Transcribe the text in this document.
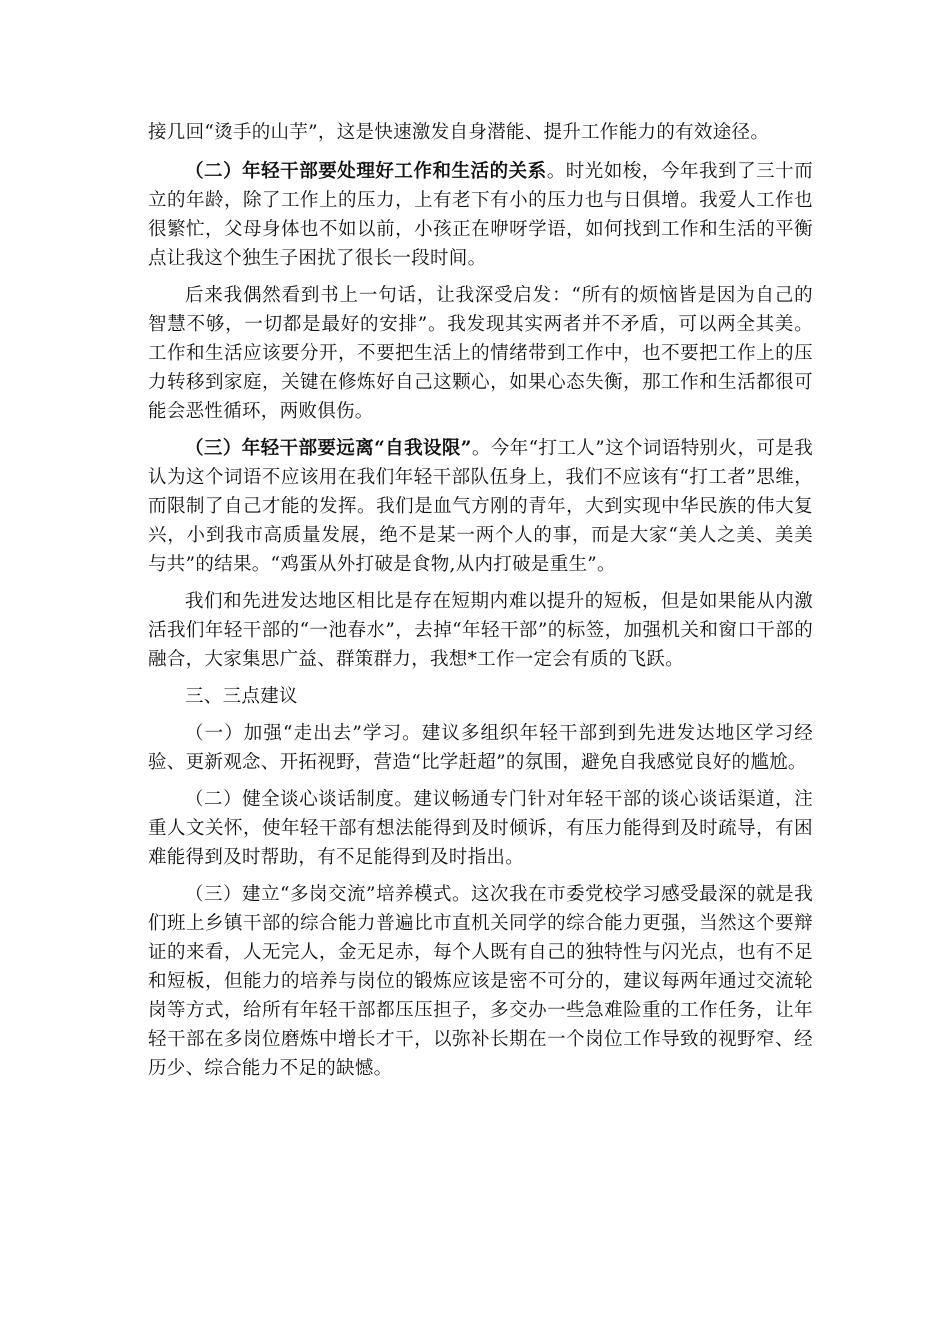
接几回“烫手的山芋”，这是快速激发自身潜能、提升工作能力的有效途径。

（二）年轻干部要处理好工作和生活的关系。时光如梭，今年我到了三十而立的年龄，除了工作上的压力，上有老下有小的压力也与日俱增。我爱人工作也很繁忙，父母身体也不如以前，小孩正在咿呀学语，如何找到工作和生活的平衡点让我这个独生子困扰了很长一段时间。

后来我偶然看到书上一句话，让我深受启发：“所有的烦恼皆是因为自己的智慧不够，一切都是最好的安排”。我发现其实两者并不矛盾，可以两全其美。工作和生活应该要分开，不要把生活上的情绪带到工作中，也不要把工作上的压力转移到家庭，关键在修炼好自己这颗心，如果心态失衡，那工作和生活都很可能会恶性循环，两败俱伤。

（三）年轻干部要远离“自我设限”。今年“打工人”这个词语特别火，可是我认为这个词语不应该用在我们年轻干部队伍身上，我们不应该有“打工者”思维，而限制了自己才能的发挥。我们是血气方刚的青年，大到实现中华民族的伟大复兴，小到我市高质量发展，绝不是某一两个人的事，而是大家“美人之美、美美与共”的结果。“鸡蛋从外打破是食物,从内打破是重生”。

我们和先进发达地区相比是存在短期内难以提升的短板，但是如果能从内激活我们年轻干部的“一池春水”，去掉“年轻干部”的标签，加强机关和窗口干部的融合，大家集思广益、群策群力，我想*工作一定会有质的飞跃。

三、三点建议

（一）加强“走出去”学习。建议多组织年轻干部到到先进发达地区学习经验、更新观念、开拓视野，营造“比学赶超”的氛围，避免自我感觉良好的尴尬。

（二）健全谈心谈话制度。建议畅通专门针对年轻干部的谈心谈话渠道，注重人文关怀，使年轻干部有想法能得到及时倾诉，有压力能得到及时疏导，有困难能得到及时帮助，有不足能得到及时指出。

（三）建立“多岗交流”培养模式。这次我在市委党校学习感受最深的就是我们班上乡镇干部的综合能力普遍比市直机关同学的综合能力更强，当然这个要辩证的来看，人无完人，金无足赤，每个人既有自己的独特性与闪光点，也有不足和短板，但能力的培养与岗位的锻炼应该是密不可分的，建议每两年通过交流轮岗等方式，给所有年轻干部都压压担子，多交办一些急难险重的工作任务，让年轻干部在多岗位磨炼中增长才干，以弥补长期在一个岗位工作导致的视野窄、经历少、综合能力不足的缺憾。
